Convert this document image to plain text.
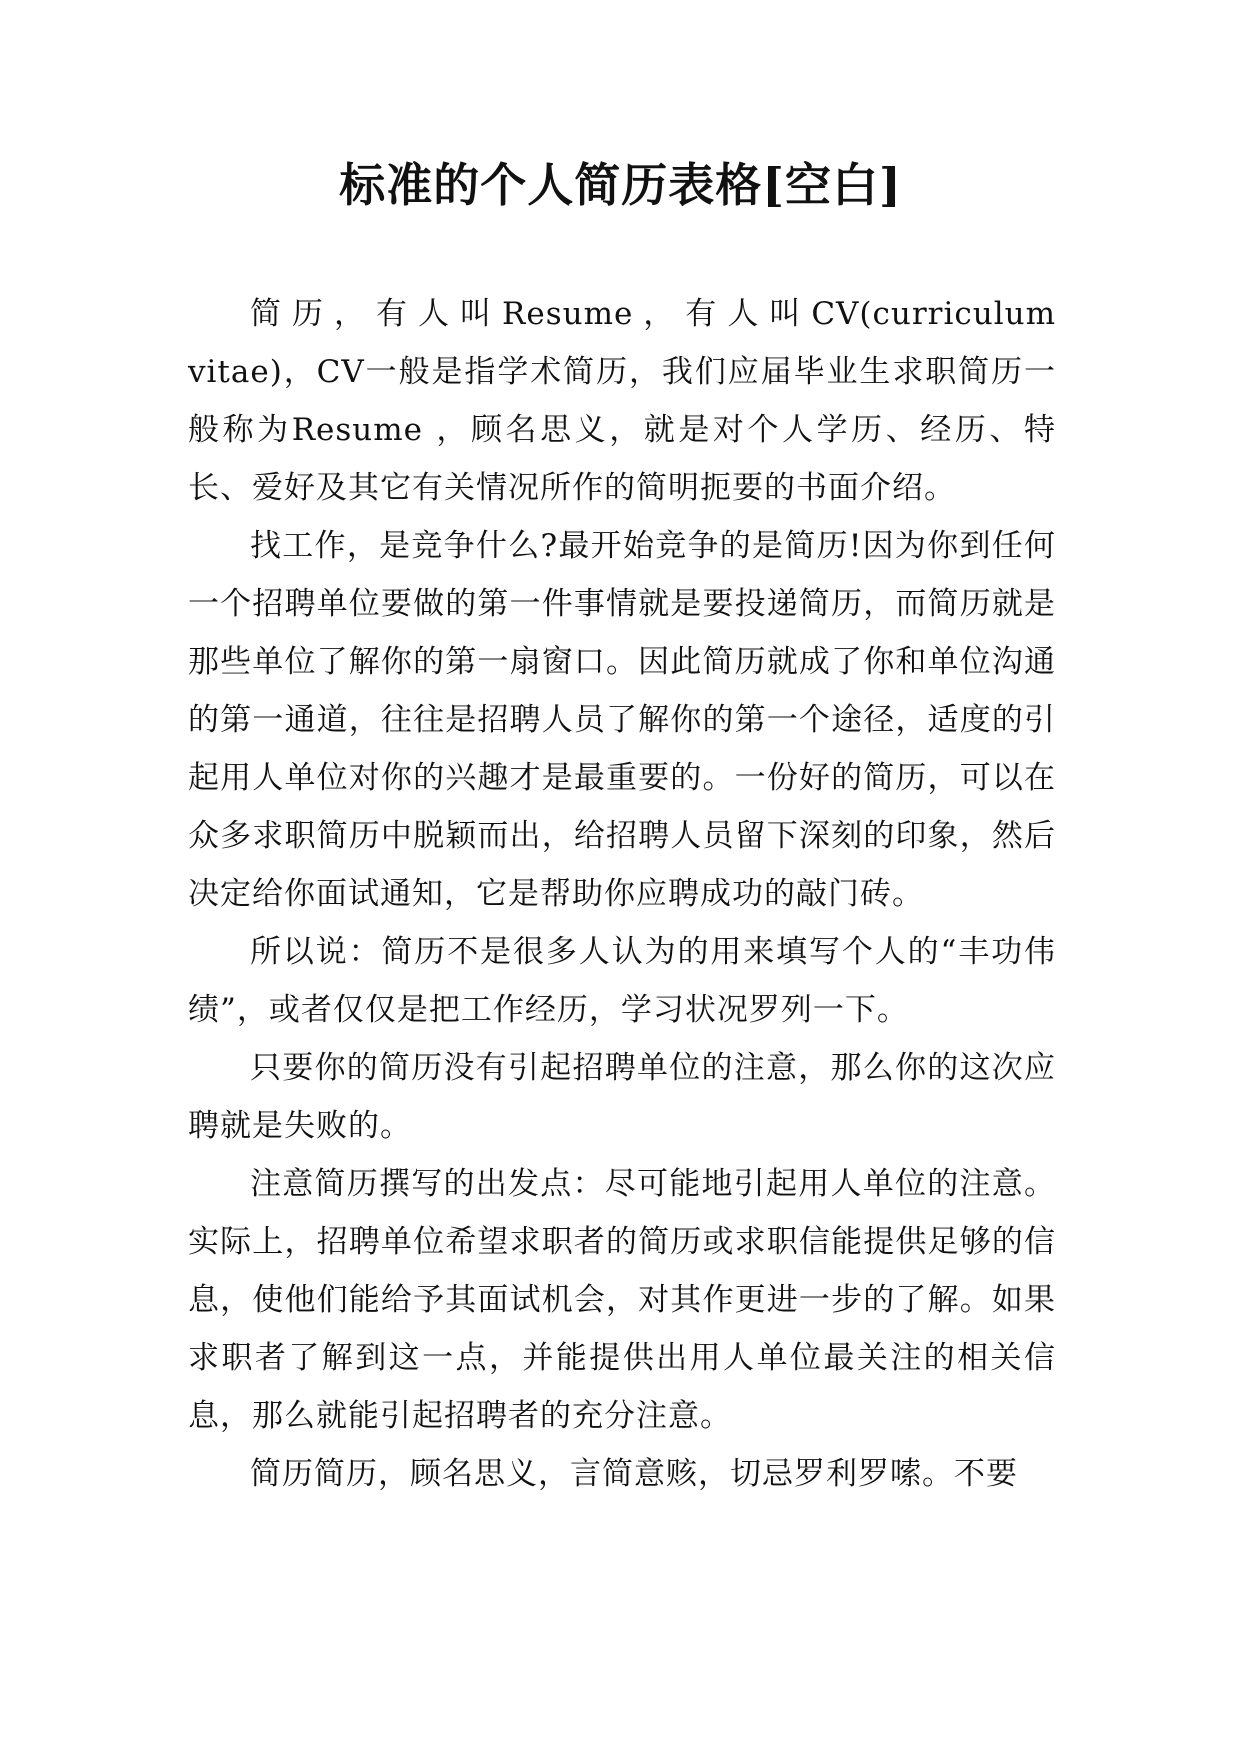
标准的个人简历表格[空白]

简历，有人叫Resume，有人叫CV(curriculum vitae)，CV一般是指学术简历，我们应届毕业生求职简历一般称为Resume ，顾名思义，就是对个人学历、经历、特长、爱好及其它有关情况所作的简明扼要的书面介绍。

找工作，是竞争什么?最开始竞争的是简历!因为你到任何一个招聘单位要做的第一件事情就是要投递简历，而简历就是那些单位了解你的第一扇窗口。因此简历就成了你和单位沟通的第一通道，往往是招聘人员了解你的第一个途径，适度的引起用人单位对你的兴趣才是最重要的。一份好的简历，可以在众多求职简历中脱颖而出，给招聘人员留下深刻的印象，然后决定给你面试通知，它是帮助你应聘成功的敲门砖。

所以说：简历不是很多人认为的用来填写个人的“丰功伟绩”，或者仅仅是把工作经历，学习状况罗列一下。

只要你的简历没有引起招聘单位的注意，那么你的这次应聘就是失败的。

注意简历撰写的出发点：尽可能地引起用人单位的注意。实际上，招聘单位希望求职者的简历或求职信能提供足够的信息，使他们能给予其面试机会，对其作更进一步的了解。如果求职者了解到这一点，并能提供出用人单位最关注的相关信息，那么就能引起招聘者的充分注意。

简历简历，顾名思义，言简意赅，切忌罗利罗嗦。不要
